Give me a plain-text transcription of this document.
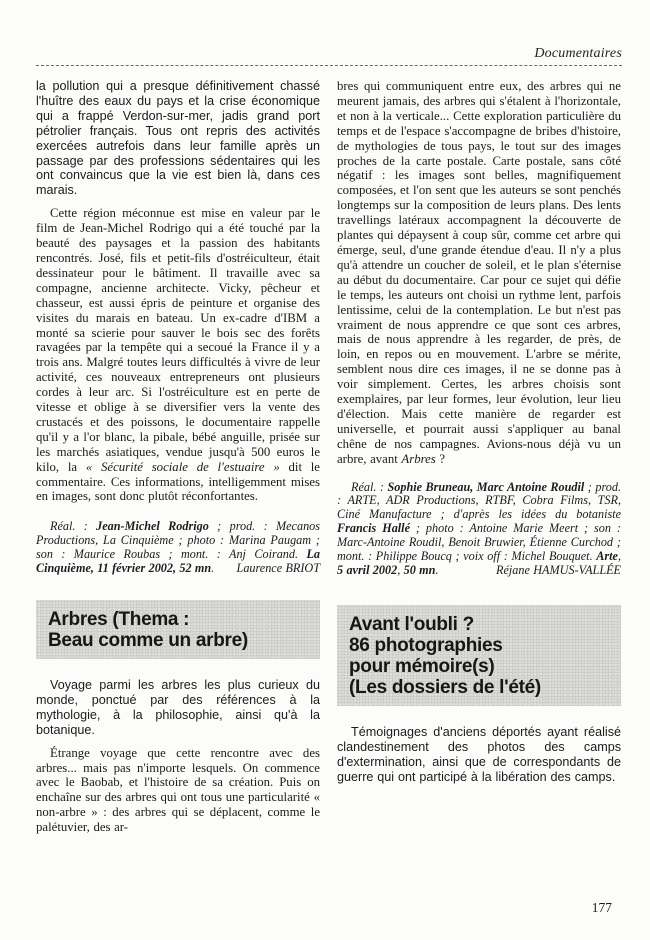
Documentaires

la pollution qui a presque définitivement chassé l'huître des eaux du pays et la crise économique qui a frappé Verdon-sur-mer, jadis grand port pétrolier français. Tous ont repris des activités exercées autrefois dans leur famille après un passage par des professions sédentaires qui les ont convaincus que la vie est bien là, dans ces marais.

Cette région méconnue est mise en valeur par le film de Jean-Michel Rodrigo qui a été touché par la beauté des paysages et la passion des habitants rencontrés. José, fils et petit-fils d'ostréiculteur, était dessinateur pour le bâtiment. Il travaille avec sa compagne, ancienne architecte. Vicky, pêcheur et chasseur, est aussi épris de peinture et organise des visites du marais en bateau. Un ex-cadre d'IBM a monté sa scierie pour sauver le bois sec des forêts ravagées par la tempête qui a secoué la France il y a trois ans. Malgré toutes leurs difficultés à vivre de leur activité, ces nouveaux entrepreneurs ont plusieurs cordes à leur arc. Si l'ostréiculture est en perte de vitesse et oblige à se diversifier vers la vente des crustacés et des poissons, le documentaire rappelle qu'il y a l'or blanc, la pibale, bébé anguille, prisée sur les marchés asiatiques, vendue jusqu'à 500 euros le kilo, la « Sécurité sociale de l'estuaire » dit le commentaire. Ces informations, intelligemment mises en images, sont donc plutôt réconfortantes.

Réal. : Jean-Michel Rodrigo ; prod. : Mecanos Productions, La Cinquième ; photo : Marina Paugam ; son : Maurice Roubas ; mont. : Anj Coirand. La Cinquième, 11 février 2002, 52 mn.	Laurence BRIOT

Arbres (Thema :
Beau comme un arbre)

Voyage parmi les arbres les plus curieux du monde, ponctué par des références à la mythologie, à la philosophie, ainsi qu'à la botanique.

Étrange voyage que cette rencontre avec des arbres... mais pas n'importe lesquels. On commence avec le Baobab, et l'histoire de sa création. Puis on enchaîne sur des arbres qui ont tous une particularité « non-arbre » : des arbres qui se déplacent, comme le palétuvier, des ar-

bres qui communiquent entre eux, des arbres qui ne meurent jamais, des arbres qui s'étalent à l'horizontale, et non à la verticale... Cette exploration particulière du temps et de l'espace s'accompagne de bribes d'histoire, de mythologies de tous pays, le tout sur des images proches de la carte postale. Carte postale, sans côté négatif : les images sont belles, magnifiquement composées, et l'on sent que les auteurs se sont penchés longtemps sur la composition de leurs plans. Des lents travellings latéraux accompagnent la découverte de plantes qui dépaysent à coup sûr, comme cet arbre qui émerge, seul, d'une grande étendue d'eau. Il n'y a plus qu'à attendre un coucher de soleil, et le plan s'éternise au début du documentaire. Car pour ce sujet qui défie le temps, les auteurs ont choisi un rythme lent, parfois lentissime, celui de la contemplation. Le but n'est pas vraiment de nous apprendre ce que sont ces arbres, mais de nous apprendre à les regarder, de près, de loin, en repos ou en mouvement. L'arbre se mérite, semblent nous dire ces images, il ne se donne pas à voir simplement. Certes, les arbres choisis sont exemplaires, par leur formes, leur évolution, leur lieu d'élection. Mais cette manière de regarder est universelle, et pourrait aussi s'appliquer au banal chêne de nos campagnes. Avions-nous déjà vu un arbre, avant Arbres ?

Réal. : Sophie Bruneau, Marc Antoine Roudil ; prod. : ARTE, ADR Productions, RTBF, Cobra Films, TSR, Ciné Manufacture ; d'après les idées du botaniste Francis Hallé ; photo : Antoine Marie Meert ; son : Marc-Antoine Roudil, Benoit Bruwier, Étienne Curchod ; mont. : Philippe Boucq ; voix off : Michel Bouquet. Arte, 5 avril 2002, 50 mn.	Réjane HAMUS-VALLÉE

Avant l'oubli ?
86 photographies
pour mémoire(s)
(Les dossiers de l'été)

Témoignages d'anciens déportés ayant réalisé clandestinement des photos des camps d'extermination, ainsi que de correspondants de guerre qui ont participé à la libération des camps.

177
